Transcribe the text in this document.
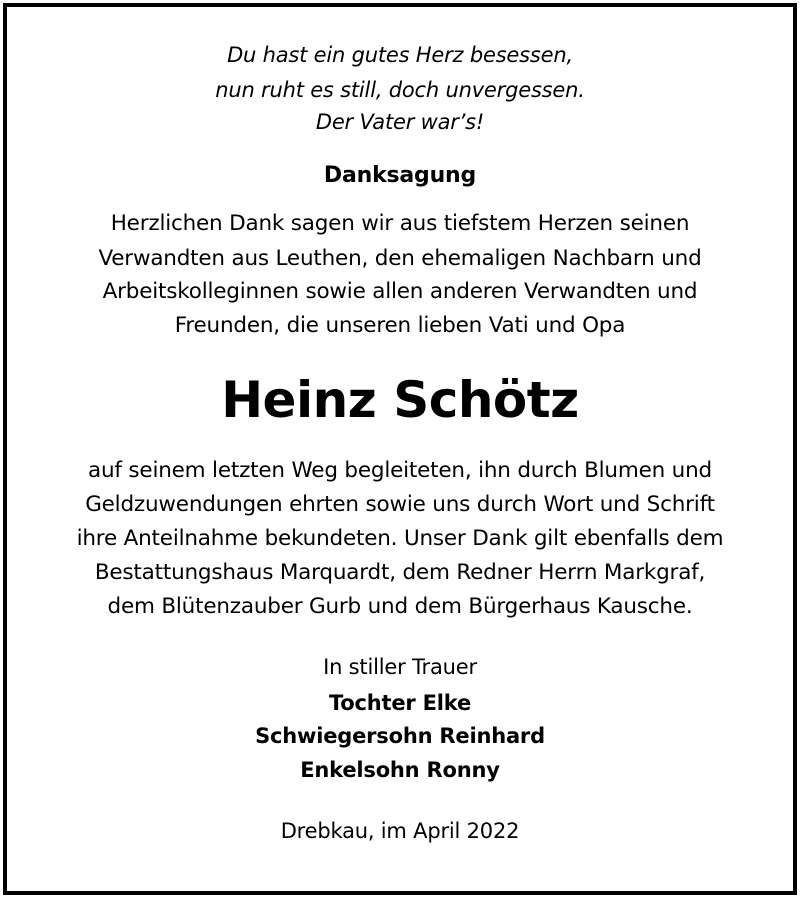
Du hast ein gutes Herz besessen,
nun ruht es still, doch unvergessen.
Der Vater war’s!
Danksagung
Herzlichen Dank sagen wir aus tiefstem Herzen seinen
Verwandten aus Leuthen, den ehemaligen Nachbarn und
Arbeitskolleginnen sowie allen anderen Verwandten und
Freunden, die unseren lieben Vati und Opa
Heinz Schötz
auf seinem letzten Weg begleiteten, ihn durch Blumen und
Geldzuwendungen ehrten sowie uns durch Wort und Schrift
ihre Anteilnahme bekundeten. Unser Dank gilt ebenfalls dem
Bestattungshaus Marquardt, dem Redner Herrn Markgraf,
dem Blütenzauber Gurb und dem Bürgerhaus Kausche.
In stiller Trauer
Tochter Elke
Schwiegersohn Reinhard
Enkelsohn Ronny
Drebkau, im April 2022
